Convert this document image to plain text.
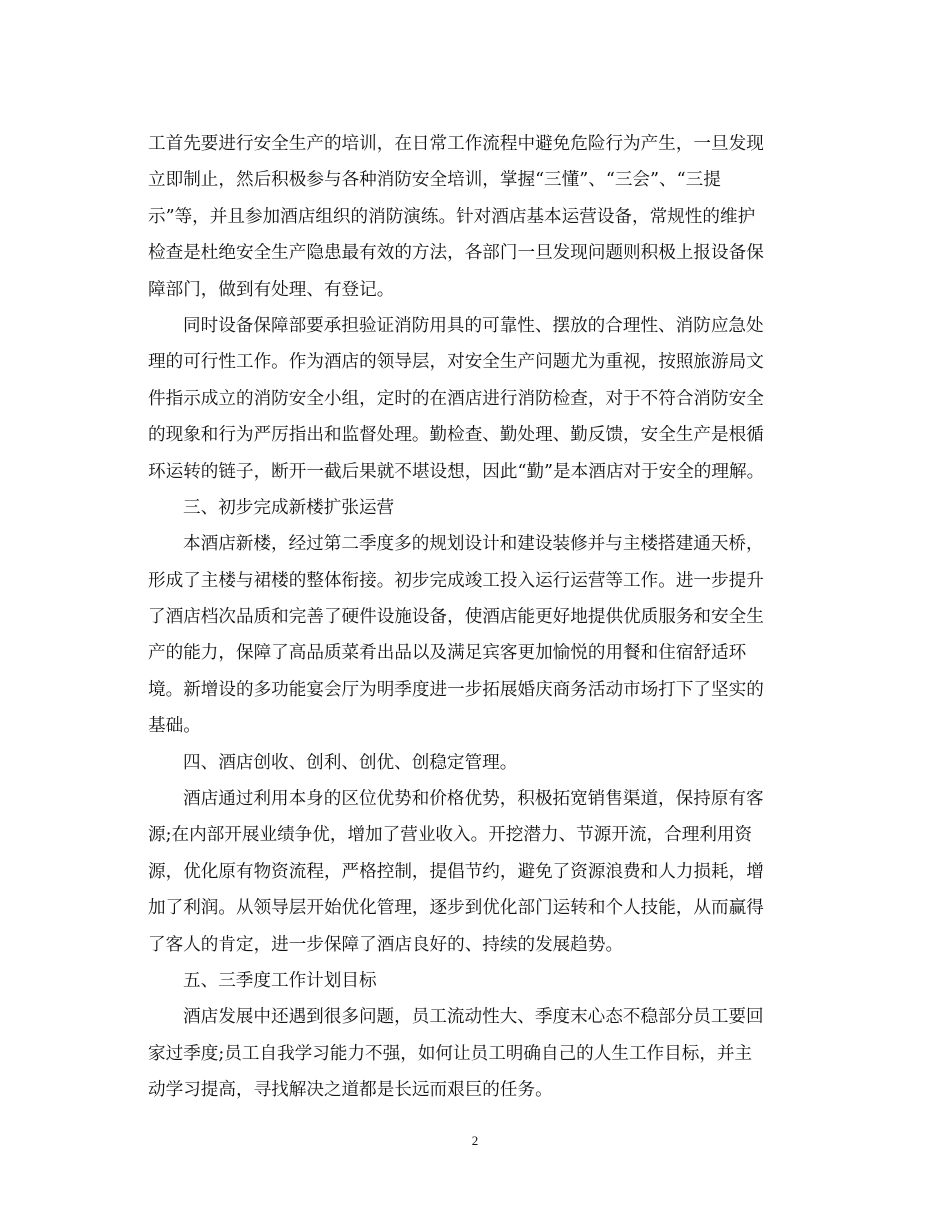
工首先要进行安全生产的培训，在日常工作流程中避免危险行为产生，一旦发现
立即制止，然后积极参与各种消防安全培训，掌握“三懂”、“三会”、“三提
示”等，并且参加酒店组织的消防演练。针对酒店基本运营设备，常规性的维护
检查是杜绝安全生产隐患最有效的方法，各部门一旦发现问题则积极上报设备保
障部门，做到有处理、有登记。
同时设备保障部要承担验证消防用具的可靠性、摆放的合理性、消防应急处
理的可行性工作。作为酒店的领导层，对安全生产问题尤为重视，按照旅游局文
件指示成立的消防安全小组，定时的在酒店进行消防检查，对于不符合消防安全
的现象和行为严厉指出和监督处理。勤检查、勤处理、勤反馈，安全生产是根循
环运转的链子，断开一截后果就不堪设想，因此“勤”是本酒店对于安全的理解。
三、初步完成新楼扩张运营
本酒店新楼，经过第二季度多的规划设计和建设装修并与主楼搭建通天桥，
形成了主楼与裙楼的整体衔接。初步完成竣工投入运行运营等工作。进一步提升
了酒店档次品质和完善了硬件设施设备，使酒店能更好地提供优质服务和安全生
产的能力，保障了高品质菜肴出品以及满足宾客更加愉悦的用餐和住宿舒适环
境。新增设的多功能宴会厅为明季度进一步拓展婚庆商务活动市场打下了坚实的
基础。
四、酒店创收、创利、创优、创稳定管理。
酒店通过利用本身的区位优势和价格优势，积极拓宽销售渠道，保持原有客
源;在内部开展业绩争优，增加了营业收入。开挖潜力、节源开流，合理利用资
源，优化原有物资流程，严格控制，提倡节约，避免了资源浪费和人力损耗，增
加了利润。从领导层开始优化管理，逐步到优化部门运转和个人技能，从而赢得
了客人的肯定，进一步保障了酒店良好的、持续的发展趋势。
五、三季度工作计划目标
酒店发展中还遇到很多问题，员工流动性大、季度末心态不稳部分员工要回
家过季度;员工自我学习能力不强，如何让员工明确自己的人生工作目标，并主
动学习提高，寻找解决之道都是长远而艰巨的任务。
2
